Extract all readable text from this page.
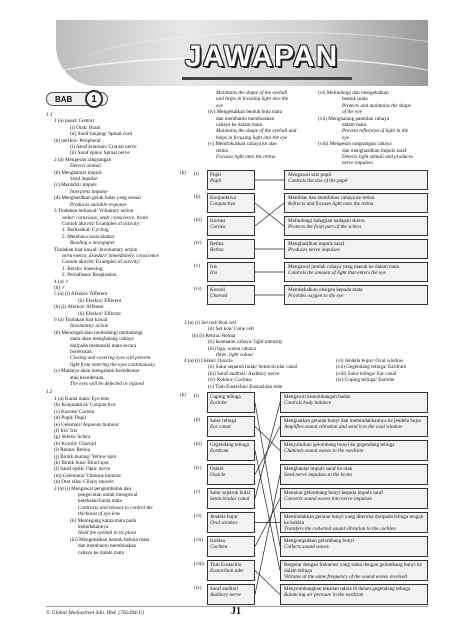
JAWAPAN
BAB	1
1.1
1 (a) pusat/ Central
(i) Otak/ Brain
(ii) Saraf tunjang/ Spinal cord
(b) periferi/ Peripheral
(i) Saraf kranium/ Cranial nerve
(ii) Saraf spina/ Spinal nerve
2 (a) Mengesan rangsangan
Detects stimuli
(b) Menghantar impuls
Send impulse
(c) Mentafsir impuls
Interprets impulse
(d) Menghasilkan gerak balas yang sesuai
Produces suitable response
3 Tindakan terkawal/ Voluntary action
sedar/ conscious; otak/ conscience, brain
Contoh aktiviti/ Examples of activity:
1. Berbasikal/ Cycling
2. Membaca surat khabar
Reading a newspaper
Tindakan luar kawal/ Involuntary action
serta-merta, disedari/ immediately, conscience
Contoh aktiviti/ Examples of activity:
1. Bersin/ Sneezing
2. Pernafasan/ Respiration
4 (a) ✓
(b) ✓
5 (a) (i) Aferkor/ Afferent
(ii) Eferkor/ Efferent
(b) (i) Aferkor/ Afferent
(ii) Eferkor/ Effector
6 (a) Tindakan luar kawal
Involuntary action
(b) Mencegah atau melindungi melindungi
mata akan menghalang cahaya
daripada memasuki mata secara
berterusan.
Closing and covering eyes will prevent
light from entering the eyes continuously.
(c) Matanya akan mengalami kecederaan
atau kecederaan.
The eyes will be defected or injured
1.2
1 (a) Kanta mata/ Eye lens
(b) Konjunktiva/ Conjunctiva
(c) Kornea/ Cornea
(d) Pupil/ Pupil
(e) Gelemair/ Aqueous humour
(f) Iris/ Iris
(g) Sklera/ Sclera
(h) Koroid/ Choroid
(i) Retina/ Retina
(j) Bintik kuning/ Yellow spot
(k) Bintik buta/ Blind spot
(l) Saraf optik/ Optic nerve
(m) Gelemaca/ Vitreous humour
(n) Otot silia/ Ciliary muscle
2 (a) (i) Mengawal pengembulan dan
pengecutan untuk mengawal
ketebalan kanta mata
Contracts and relaxes to control the
thickness of eye lens
(ii) Memegang kanta mata pada
kedudukannya
Hold the eyeball in its place
(iii) Mengekalkan bentuk bebola mata
dan membantu membiaskan
cahaya ke dalam mata
Maintains the shape of the eyeball
and helps in focusing light into the
eye
(iv) Mengekalkan bentuk bola mata
dan membantu membiaskan
cahaya ke dalam mata
Maintains the shape of the eyeball and
helps in focusing light into the eye
(v) Memfokuskan cahaya ke atas
retina
Focuses light onto the retina
(vi) Melindungi dan mengekalkan
bentuk mata
Protects and maintains the shape
of the eye
(vii) Menghalang pantulan cahaya
dalam mata
Prevent reflection of light in the
eye
(viii) Mengesan rangsangan cahaya
dan menghasilkan impuls saraf
Detects light stimuli and produces
nerve impulses
(b) (i) Pupil
Pupil
(ii) Konjunktiva
Conjunctiva
(iii) Kornea
Cornea
(iv) Retina
Retina
(v) Iris
Iris
(vi) Koroid
Choroid
Mengawal saiz pupil
Controls the size of the pupil
Membias dan memfokus cahaya ke retina
Refracts and focuses light onto the retina
Melindungi bahagian hadapan sklera
Protects the front part of the sclera
Menghasilkan impuls saraf
Produces nerve impulses
Mengawal jumlah cahaya yang masuk ke dalam mata
Controls the amount of light that enters the eye
Membekalkan oksigen kepada mata
Provides oxygen to the eye
3 (a) (i) Sel rod/ Rod cell
(ii) Sel kon/ Cone cell
(b) (i) Retina/ Retina
(ii) keamatan cahaya/ light intensity
(iii) tiga, warna cahaya
three, light colour
4 (a) (i) Osikel/ Ossicle
(ii) Salur separuh bulat/ Semicircular canal
(iii) Saraf auditori/ Auditory nerve
(iv) Koklea/ Cochlea
(v) Tiub Eustachio/ Eustachian tube
(vi) Jendela bujur/ Oval window
(vii) Gegendang telinga/ Eardrum
(viii) Salur telinga/ Ear canal
(ix) Cuping telinga/ Earlobe
(b) (i) Cuping telinga
Earlobe
(ii) Salur telinga
Ear canal
(iii) Gegendang telinga
Eardrum
(iv) Osikel
Ossicle
(v) Salur separuh bulat
Semicircular canal
(vi) Jendela bujur
Oval window
(vii) Koklea
Cochlea
(viii) Tiub Eustachio
Eustachian tube
(ix) Saraf auditori
Auditory nerve
Mengawal keseimbangan badan
Controls body balance
Menguatkan getaran bunyi dan memindahkannya ke jendela bujur
Amplifies sound vibration and send it to the oval window
Menyalurkan gelombang bunyi ke gegendang telinga
Channels sound waves to the eardrum
Menghantar impuls saraf ke otak
Send nerve impulses to the brain
Menukar gelombang bunyi kepada impuls saraf
Converts sound waves into nerve impulses
Memindahkan getaran bunyi yang diterima daripada telinga tengah ke koklea
Transfers the collected sound vibration to the cochlea
Mengumpulkan gelombang bunyi
Collects sound waves
Bergetar dengan frekuensi yang sama dengan gelombang bunyi ke dalam telinga
Vibrates at the same frequency of the sound waves received
Menyeimbangkan tekanan udara di dalam gegendang telinga
Balancing air pressure in the eardrum
© Global Mediastreet Sdn. Bhd. (762284-U)	J1
